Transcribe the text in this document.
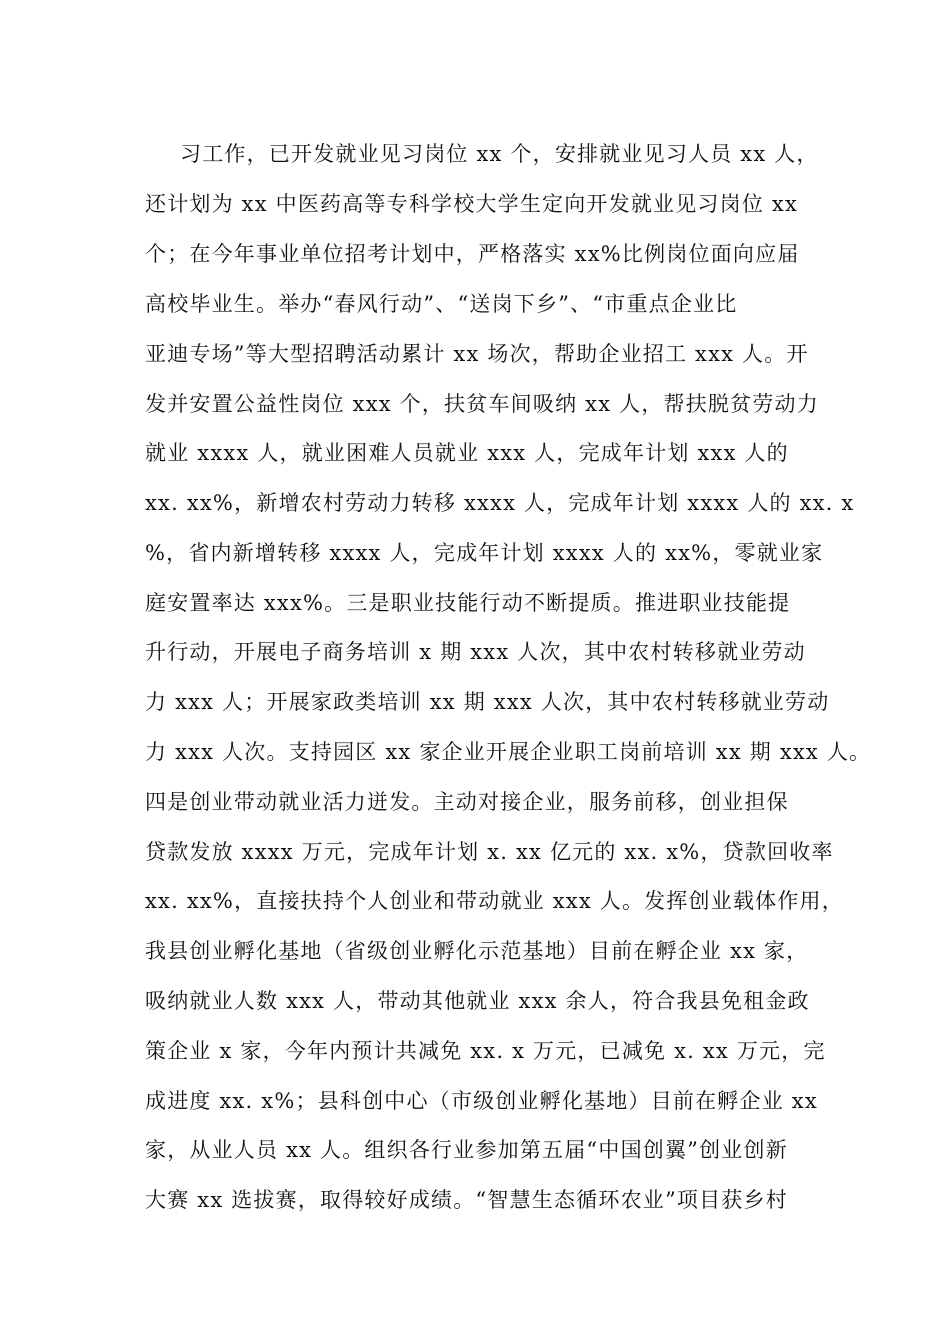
习工作，已开发就业见习岗位 xx 个，安排就业见习人员 xx 人，
还计划为 xx 中医药高等专科学校大学生定向开发就业见习岗位 xx
个；在今年事业单位招考计划中，严格落实 xx%比例岗位面向应届
高校毕业生。举办“春风行动”、“送岗下乡”、“市重点企业比
亚迪专场”等大型招聘活动累计 xx 场次，帮助企业招工 xxx 人。开
发并安置公益性岗位 xxx 个，扶贫车间吸纳 xx 人，帮扶脱贫劳动力
就业 xxxx 人，就业困难人员就业 xxx 人，完成年计划 xxx 人的
xx. xx%，新增农村劳动力转移 xxxx 人，完成年计划 xxxx 人的 xx. x
%，省内新增转移 xxxx 人，完成年计划 xxxx 人的 xx%，零就业家
庭安置率达 xxx%。三是职业技能行动不断提质。推进职业技能提
升行动，开展电子商务培训 x 期 xxx 人次，其中农村转移就业劳动
力 xxx 人；开展家政类培训 xx 期 xxx 人次，其中农村转移就业劳动
力 xxx 人次。支持园区 xx 家企业开展企业职工岗前培训 xx 期 xxx 人。
四是创业带动就业活力迸发。主动对接企业，服务前移，创业担保
贷款发放 xxxx 万元，完成年计划 x. xx 亿元的 xx. x%，贷款回收率
xx. xx%，直接扶持个人创业和带动就业 xxx 人。发挥创业载体作用，
我县创业孵化基地（省级创业孵化示范基地）目前在孵企业 xx 家，
吸纳就业人数 xxx 人，带动其他就业 xxx 余人，符合我县免租金政
策企业 x 家，今年内预计共减免 xx. x 万元，已减免 x. xx 万元，完
成进度 xx. x%；县科创中心（市级创业孵化基地）目前在孵企业 xx
家，从业人员 xx 人。组织各行业参加第五届“中国创翼”创业创新
大赛 xx 选拔赛，取得较好成绩。“智慧生态循环农业”项目获乡村
